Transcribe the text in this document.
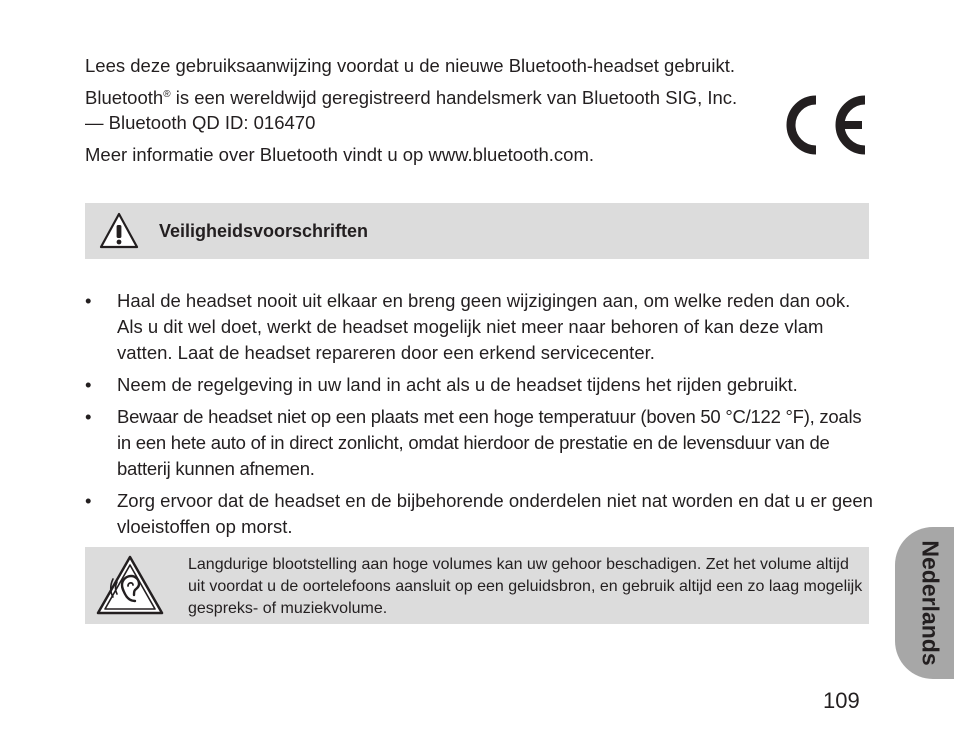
Lees deze gebruiksaanwijzing voordat u de nieuwe Bluetooth-headset gebruikt.

Bluetooth® is een wereldwijd geregistreerd handelsmerk van Bluetooth SIG, Inc. — Bluetooth QD ID: 016470

Meer informatie over Bluetooth vindt u op www.bluetooth.com.

Veiligheidsvoorschriften
• Haal de headset nooit uit elkaar en breng geen wijzigingen aan, om welke reden dan ook. Als u dit wel doet, werkt de headset mogelijk niet meer naar behoren of kan deze vlam vatten. Laat de headset repareren door een erkend servicecenter.
• Neem de regelgeving in uw land in acht als u de headset tijdens het rijden gebruikt.
• Bewaar de headset niet op een plaats met een hoge temperatuur (boven 50 °C/122 °F), zoals in een hete auto of in direct zonlicht, omdat hierdoor de prestatie en de levensduur van de batterij kunnen afnemen.
• Zorg ervoor dat de headset en de bijbehorende onderdelen niet nat worden en dat u er geen vloeistoffen op morst.

Langdurige blootstelling aan hoge volumes kan uw gehoor beschadigen. Zet het volume altijd uit voordat u de oortelefoons aansluit op een geluidsbron, en gebruik altijd een zo laag mogelijk gespreks- of muziekvolume.	Nederlands
109
